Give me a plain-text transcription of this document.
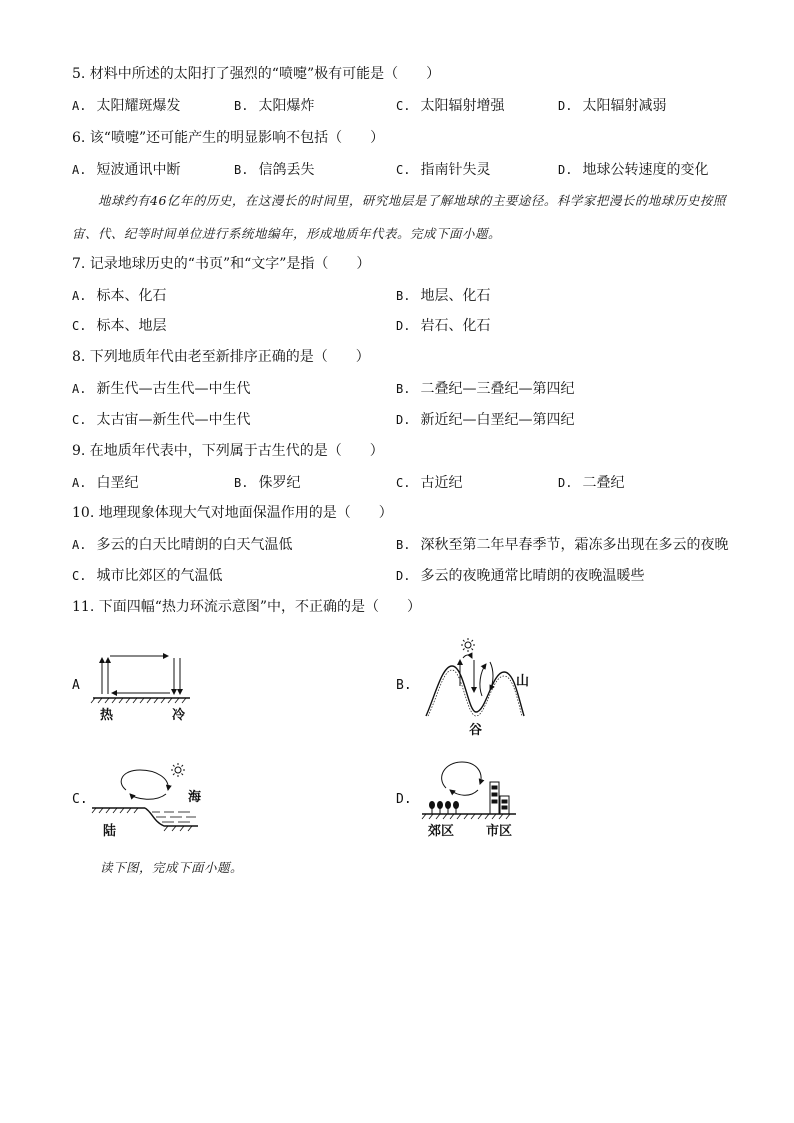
5. 材料中所述的太阳打了强烈的“喷嚏”极有可能是（　　）
A. 太阳耀斑爆发	B. 太阳爆炸	C. 太阳辐射增强	D. 太阳辐射减弱
6. 该“喷嚏”还可能产生的明显影响不包括（　　）
A. 短波通讯中断	B. 信鸽丢失	C. 指南针失灵	D. 地球公转速度的变化
地球约有46亿年的历史，在这漫长的时间里，研究地层是了解地球的主要途径。科学家把漫长的地球历史按照宙、代、纪等时间单位进行系统地编年，形成地质年代表。完成下面小题。
7. 记录地球历史的“书页”和“文字”是指（　　）
A. 标本、化石	B. 地层、化石
C. 标本、地层	D. 岩石、化石
8. 下列地质年代由老至新排序正确的是（　　）
A. 新生代—古生代—中生代	B. 二叠纪—三叠纪—第四纪
C. 太古宙—新生代—中生代	D. 新近纪—白垩纪—第四纪
9. 在地质年代表中，下列属于古生代的是（　　）
A. 白垩纪	B. 侏罗纪	C. 古近纪	D. 二叠纪
10. 地理现象体现大气对地面保温作用的是（　　）
A. 多云的白天比晴朗的白天气温低	B. 深秋至第二年早春季节，霜冻多出现在多云的夜晚
C. 城市比郊区的气温低	D. 多云的夜晚通常比晴朗的夜晚温暖些
11. 下面四幅“热力环流示意图”中，不正确的是（　　）
A
热	冷
B.	山
谷
C.	海
陆
D.
郊区 市区
读下图，完成下面小题。
